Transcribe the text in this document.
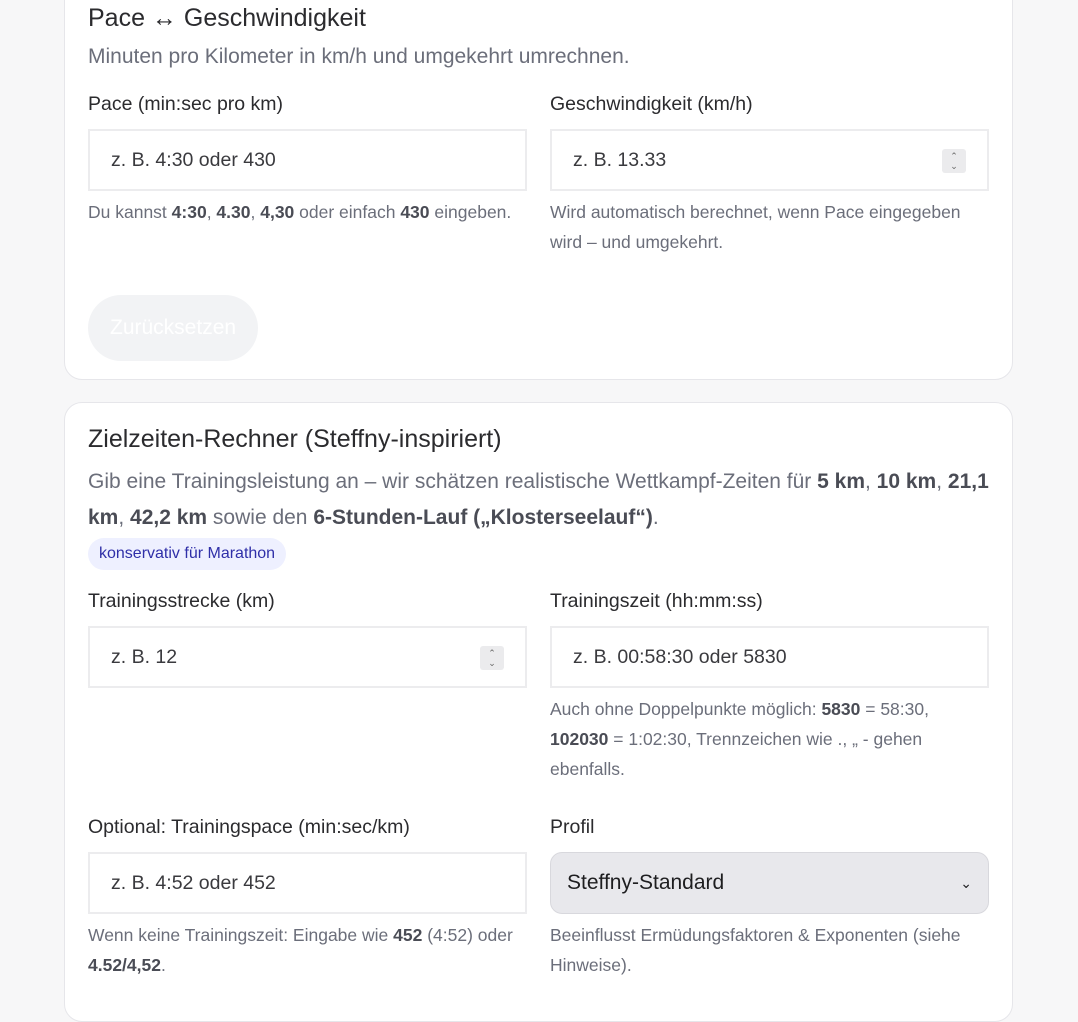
Pace ↔ Geschwindigkeit

Minuten pro Kilometer in km/h und umgekehrt umrechnen.

Pace (min:sec pro km)
z. B. 4:30 oder 430

Du kannst 4:30, 4.30, 4,30 oder einfach 430 eingeben.

Geschwindigkeit (km/h)
z. B. 13.33	⌃
⌄

Wird automatisch berechnet, wenn Pace eingegeben wird – und umgekehrt.

Zurücksetzen
Zielzeiten-Rechner (Steffny-inspiriert)

Gib eine Trainingsleistung an – wir schätzen realistische Wettkampf-Zeiten für 5 km, 10 km, 21,1 km, 42,2 km sowie den 6-Stunden-Lauf („Klosterseelauf“).

konservativ für Marathon
Trainingsstrecke (km)
z. B. 12	⌃
⌄
Trainingszeit (hh:mm:ss)
z. B. 00:58:30 oder 5830

Auch ohne Doppelpunkte möglich: 5830 = 58:30, 102030 = 1:02:30, Trennzeichen wie ., „ - gehen ebenfalls.

Optional: Trainingspace (min:sec/km)
z. B. 4:52 oder 452

Wenn keine Trainingszeit: Eingabe wie 452 (4:52) oder 4.52/4,52.

Profil
Steffny-Standard	⌄

Beeinflusst Ermüdungsfaktoren & Exponenten (siehe Hinweise).
